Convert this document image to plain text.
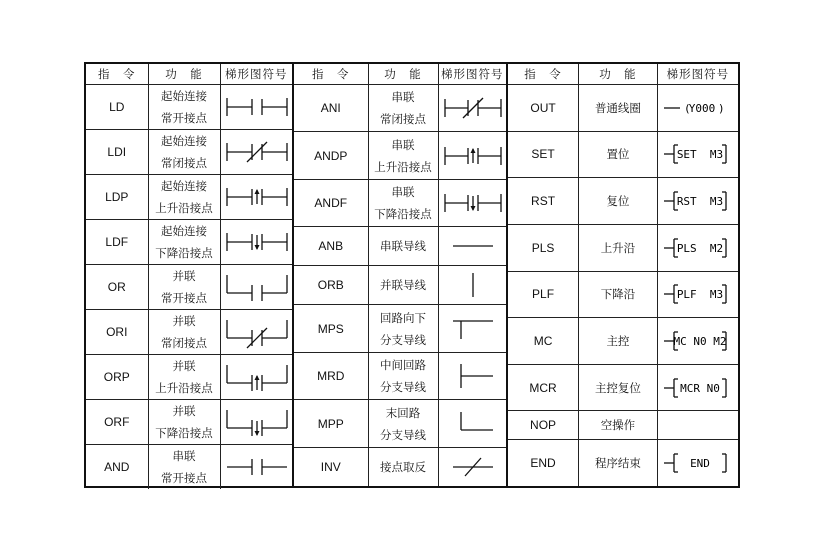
指　令	功　能	梯形图符号
LD	起始连接
常开接点

LDI	起始连接
常闭接点

LDP	起始连接
上升沿接点

LDF	起始连接
下降沿接点

OR	并联
常开接点

ORI	并联
常闭接点

ORP	并联
上升沿接点

ORF	并联
下降沿接点

AND	串联
常开接点

指　令	功　能	梯形图符号
ANI	串联
常闭接点

ANDP	串联
上升沿接点

ANDF	串联
下降沿接点

ANB	串联导线

ORB	并联导线

MPS	回路向下
分支导线

MRD	中间回路
分支导线

MPP	末回路
分支导线

INV	接点取反

指　令	功　能	梯形图符号
OUT	普通线圈	(
Y000 )

SET	置位	SET  M3

RST	复位	RST  M3

PLS	上升沿	PLS  M2

PLF	下降沿	PLF  M3

MC	主控	MC N0 M2

MCR	主控复位	MCR N0

NOP	空操作	

END	程序结束	END
